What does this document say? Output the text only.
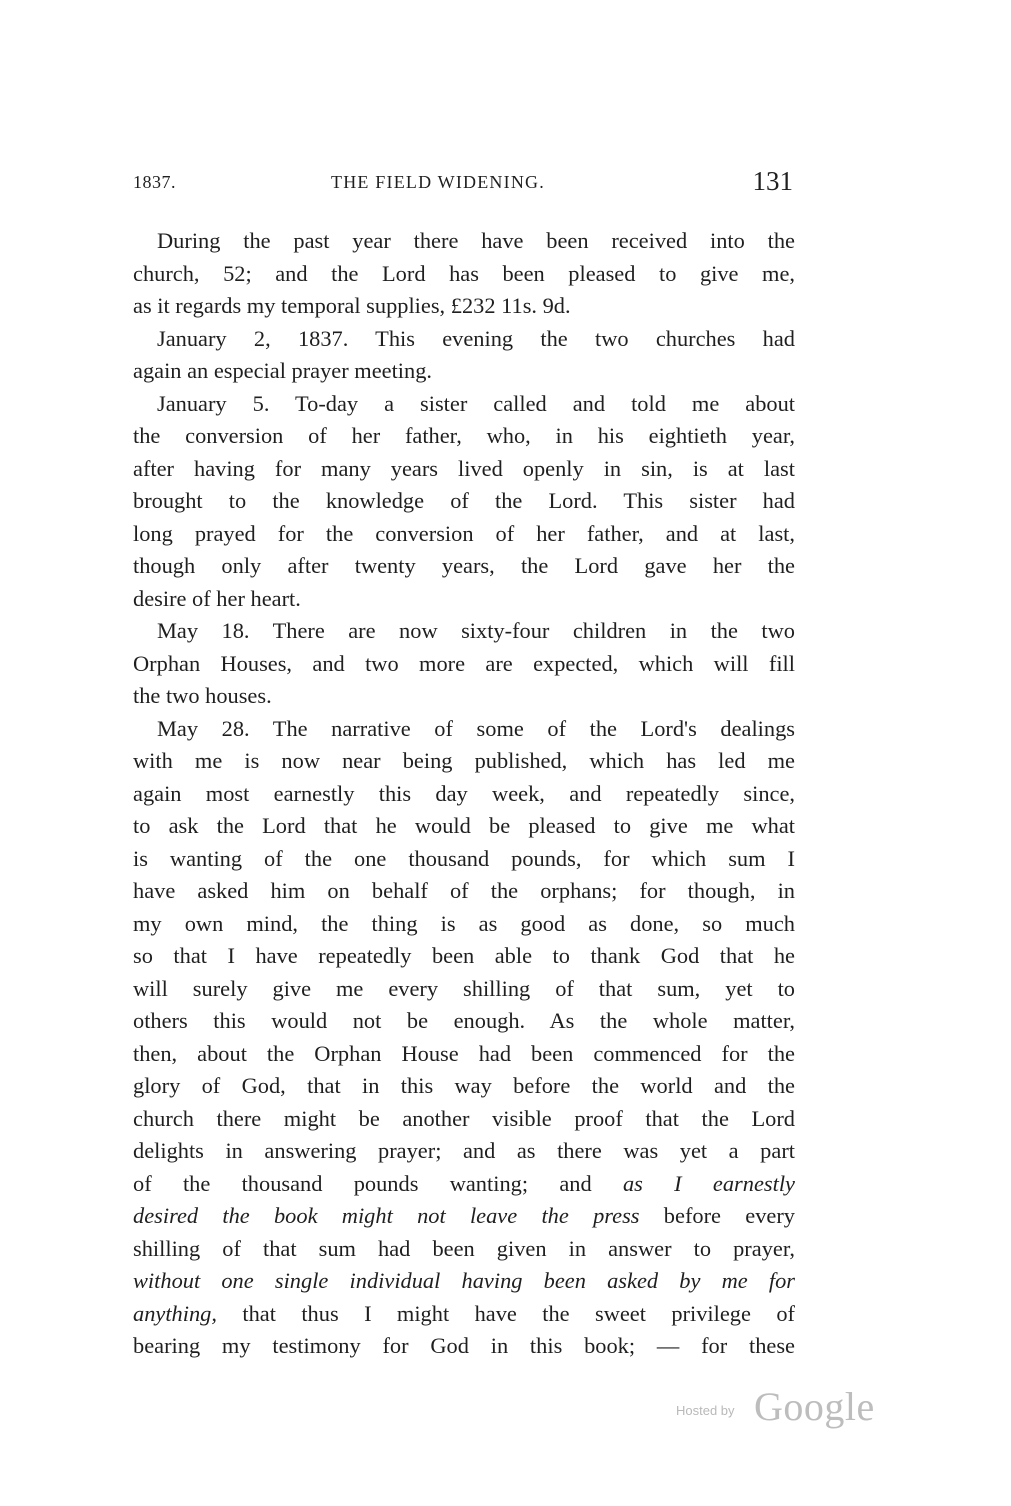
1837.	THE FIELD WIDENING.	131
During the past year there have been received into the
church, 52; and the Lord has been pleased to give me,
as it regards my temporal supplies, £232 11s. 9d.
January 2, 1837. This evening the two churches had
again an especial prayer meeting.
January 5. To-day a sister called and told me about
the conversion of her father, who, in his eightieth year,
after having for many years lived openly in sin, is at last
brought to the knowledge of the Lord. This sister had
long prayed for the conversion of her father, and at last,
though only after twenty years, the Lord gave her the
desire of her heart.
May 18. There are now sixty-four children in the two
Orphan Houses, and two more are expected, which will fill
the two houses.
May 28. The narrative of some of the Lord's dealings
with me is now near being published, which has led me
again most earnestly this day week, and repeatedly since,
to ask the Lord that he would be pleased to give me what
is wanting of the one thousand pounds, for which sum I
have asked him on behalf of the orphans; for though, in
my own mind, the thing is as good as done, so much
so that I have repeatedly been able to thank God that he
will surely give me every shilling of that sum, yet to
others this would not be enough. As the whole matter,
then, about the Orphan House had been commenced for the
glory of God, that in this way before the world and the
church there might be another visible proof that the Lord
delights in answering prayer; and as there was yet a part
of the thousand pounds wanting; and as I earnestly
desired the book might not leave the press before every
shilling of that sum had been given in answer to prayer,
without one single individual having been asked by me for
anything, that thus I might have the sweet privilege of
bearing my testimony for God in this book; — for these
Hosted by Google
